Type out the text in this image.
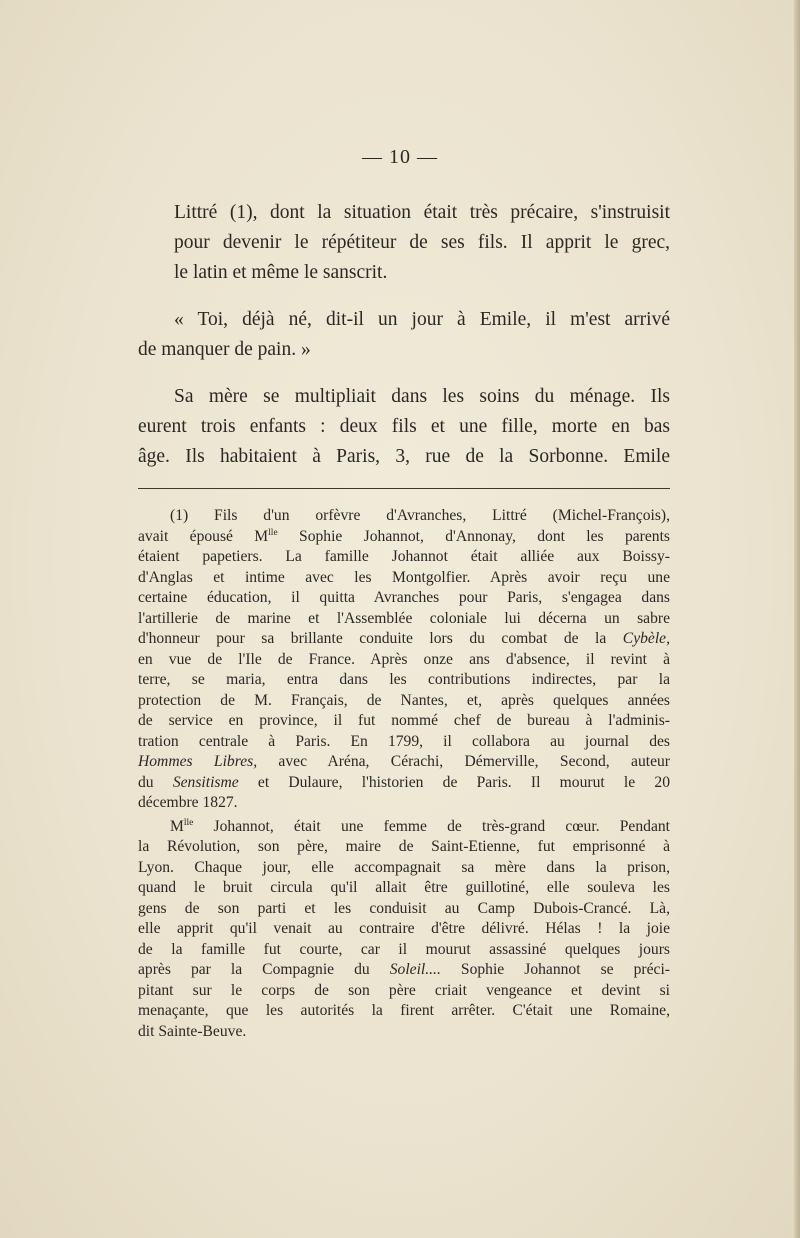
— 10 —

Littré (1), dont la situation était très précaire, s'instruisit
pour devenir le répétiteur de ses fils. Il apprit le grec,
le latin et même le sanscrit.

« Toi, déjà né, dit-il un jour à Emile, il m'est arrivé
de manquer de pain. »

Sa mère se multipliait dans les soins du ménage. Ils
eurent trois enfants : deux fils et une fille, morte en bas
âge. Ils habitaient à Paris, 3, rue de la Sorbonne. Emile

(1) Fils d'un orfèvre d'Avranches, Littré (Michel-François),
avait épousé $M^{lle}$ Sophie Johannot, d'Annonay, dont les parents
étaient papetiers. La famille Johannot était alliée aux Boissy-
d'Anglas et intime avec les Montgolfier. Après avoir reçu une
certaine éducation, il quitta Avranches pour Paris, s'engagea dans
l'artillerie de marine et l'Assemblée coloniale lui décerna un sabre
d'honneur pour sa brillante conduite lors du combat de la Cybèle,
en vue de l'Ile de France. Après onze ans d'absence, il revint à
terre, se maria, entra dans les contributions indirectes, par la
protection de M. Français, de Nantes, et, après quelques années
de service en province, il fut nommé chef de bureau à l'adminis-
tration centrale à Paris. En 1799, il collabora au journal des
Hommes Libres, avec Aréna, Cérachi, Démerville, Second, auteur
du Sensitisme et Dulaure, l'historien de Paris. Il mourut le 20
décembre 1827.

$M^{lle}$ Johannot, était une femme de très-grand cœur. Pendant
la Révolution, son père, maire de Saint-Etienne, fut emprisonné à
Lyon. Chaque jour, elle accompagnait sa mère dans la prison,
quand le bruit circula qu'il allait être guillotiné, elle souleva les
gens de son parti et les conduisit au Camp Dubois-Crancé. Là,
elle apprit qu'il venait au contraire d'être délivré. Hélas ! la joie
de la famille fut courte, car il mourut assassiné quelques jours
après par la Compagnie du Soleil.... Sophie Johannot se préci-
pitant sur le corps de son père criait vengeance et devint si
menaçante, que les autorités la firent arrêter. C'était une Romaine,
dit Sainte-Beuve.
